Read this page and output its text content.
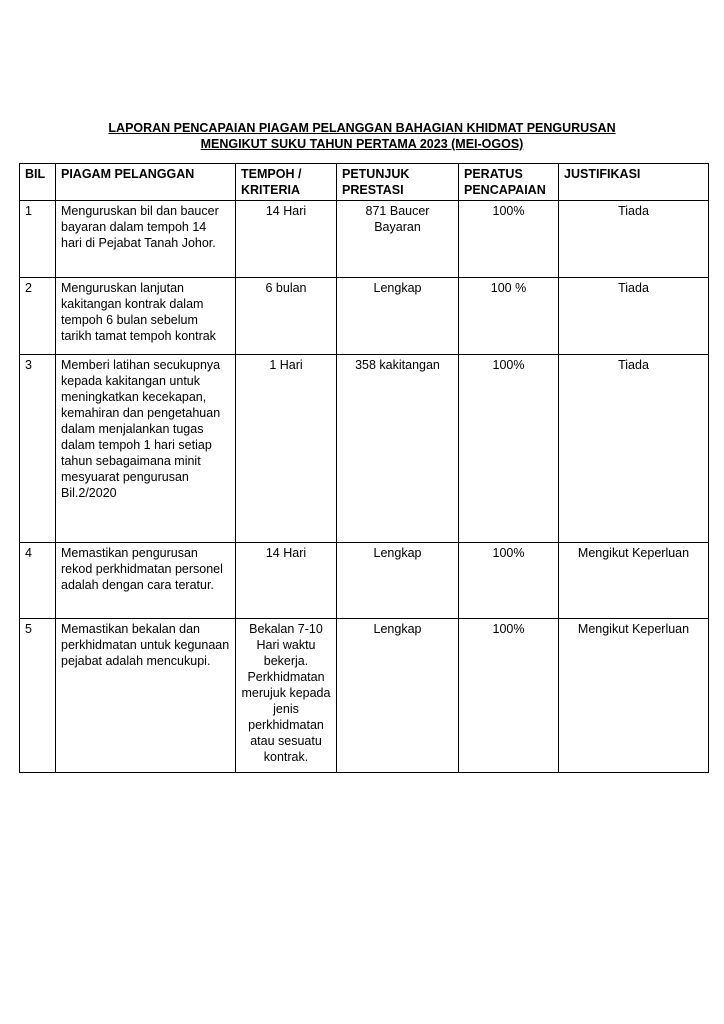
LAPORAN PENCAPAIAN PIAGAM PELANGGAN BAHAGIAN KHIDMAT PENGURUSAN
MENGIKUT SUKU TAHUN PERTAMA 2023 (MEI-OGOS)
BIL	PIAGAM PELANGGAN	TEMPOH / KRITERIA	PETUNJUK PRESTASI	PERATUS PENCAPAIAN	JUSTIFIKASI
1	Menguruskan bil dan baucer bayaran dalam tempoh 14 hari di Pejabat Tanah Johor.	14 Hari	871 Baucer Bayaran	100%	Tiada
2	Menguruskan lanjutan kakitangan kontrak dalam tempoh 6 bulan sebelum tarikh tamat tempoh kontrak	6 bulan	Lengkap	100 %	Tiada
3	Memberi latihan secukupnya kepada kakitangan untuk meningkatkan kecekapan, kemahiran dan pengetahuan dalam menjalankan tugas dalam tempoh 1 hari setiap tahun sebagaimana minit mesyuarat pengurusan Bil.2/2020	1 Hari	358 kakitangan	100%	Tiada
4	Memastikan pengurusan rekod perkhidmatan personel adalah dengan cara teratur.	14 Hari	Lengkap	100%	Mengikut Keperluan
5	Memastikan bekalan dan perkhidmatan untuk kegunaan pejabat adalah mencukupi.	Bekalan 7-10 Hari waktu bekerja. Perkhidmatan merujuk kepada jenis perkhidmatan atau sesuatu kontrak.	Lengkap	100%	Mengikut Keperluan
